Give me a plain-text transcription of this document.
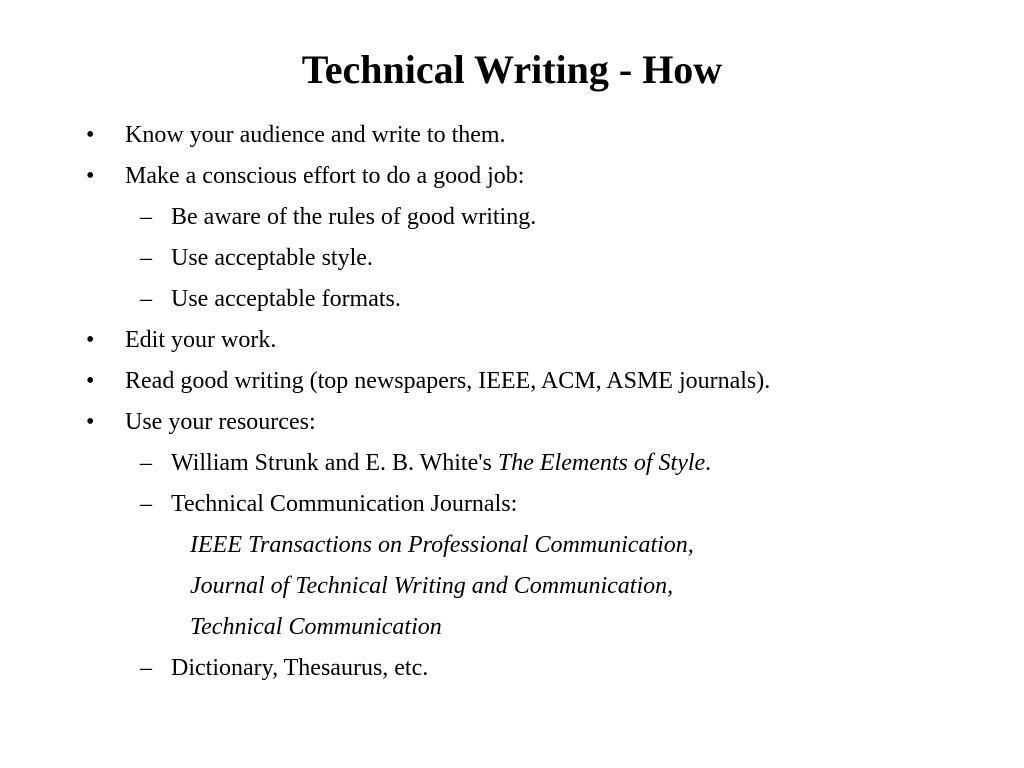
Technical Writing - How
• Know your audience and write to them.
• Make a conscious effort to do a good job:
– Be aware of the rules of good writing.
– Use acceptable style.
– Use acceptable formats.
• Edit your work.
• Read good writing (top newspapers, IEEE, ACM, ASME journals).
• Use your resources:
– William Strunk and E. B. White's The Elements of Style.
– Technical Communication Journals:
IEEE Transactions on Professional Communication,
Journal of Technical Writing and Communication,
Technical Communication
– Dictionary, Thesaurus, etc.
